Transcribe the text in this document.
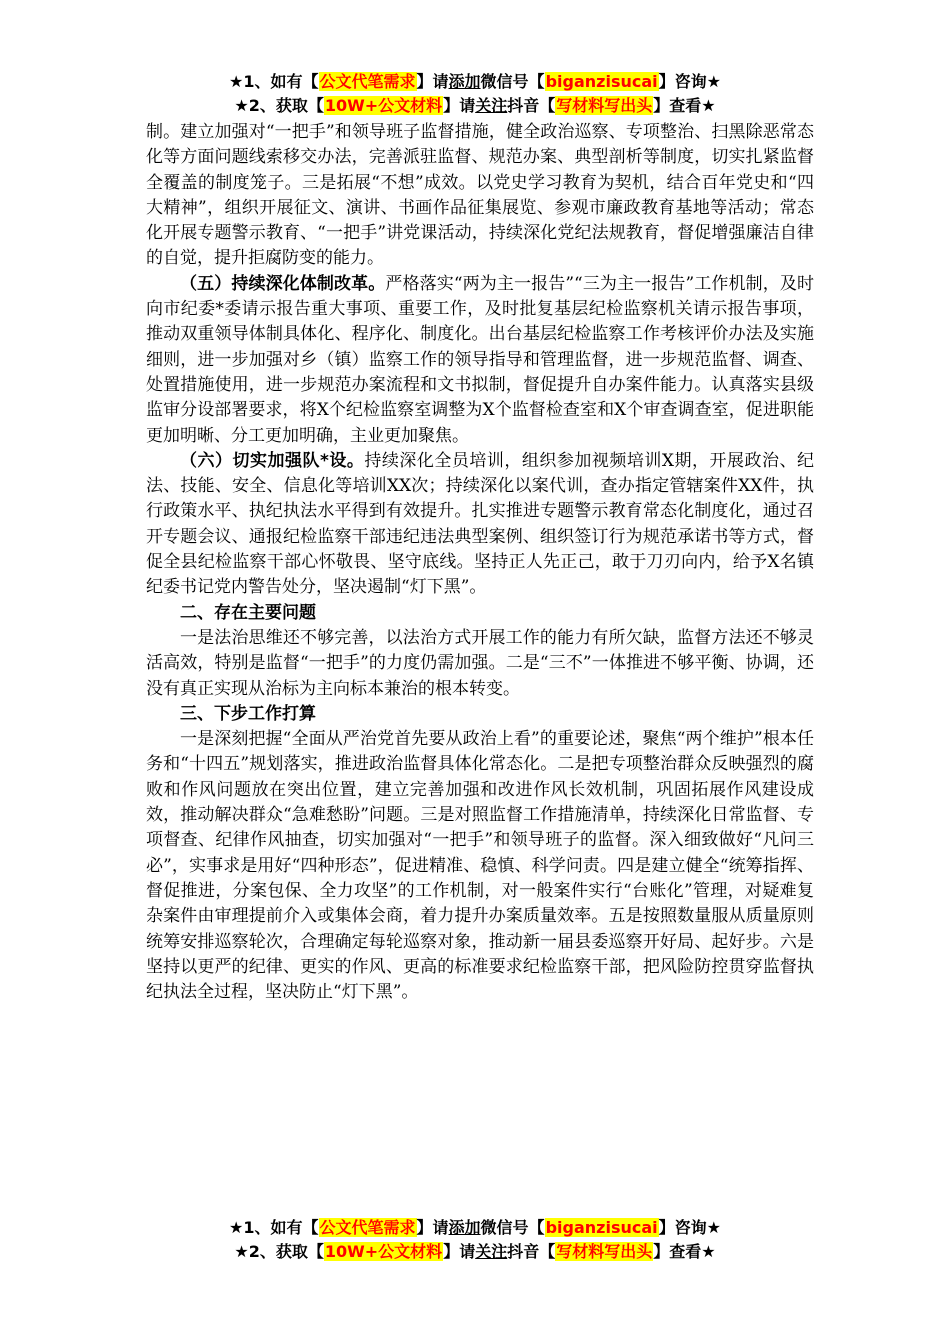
★1、如有【公文代笔需求】请添加微信号【biganzisucai】咨询★
★2、获取【10W+公文材料】请关注抖音【写材料写出头】查看★

制。建立加强对“一把手”和领导班子监督措施，健全政治巡察、专项整治、扫黑除恶常态化等方面问题线索移交办法，完善派驻监督、规范办案、典型剖析等制度，切实扎紧监督全覆盖的制度笼子。三是拓展“不想”成效。以党史学习教育为契机，结合百年党史和“四大精神”，组织开展征文、演讲、书画作品征集展览、参观市廉政教育基地等活动；常态化开展专题警示教育、“一把手”讲党课活动，持续深化党纪法规教育，督促增强廉洁自律的自觉，提升拒腐防变的能力。

（五）持续深化体制改革。严格落实“两为主一报告”“三为主一报告”工作机制，及时向市纪委*委请示报告重大事项、重要工作，及时批复基层纪检监察机关请示报告事项，推动双重领导体制具体化、程序化、制度化。出台基层纪检监察工作考核评价办法及实施细则，进一步加强对乡（镇）监察工作的领导指导和管理监督，进一步规范监督、调查、处置措施使用，进一步规范办案流程和文书拟制，督促提升自办案件能力。认真落实县级监审分设部署要求，将X个纪检监察室调整为X个监督检查室和X个审查调查室，促进职能更加明晰、分工更加明确，主业更加聚焦。

（六）切实加强队*设。持续深化全员培训，组织参加视频培训X期，开展政治、纪法、技能、安全、信息化等培训XX次；持续深化以案代训，查办指定管辖案件XX件，执行政策水平、执纪执法水平得到有效提升。扎实推进专题警示教育常态化制度化，通过召开专题会议、通报纪检监察干部违纪违法典型案例、组织签订行为规范承诺书等方式，督促全县纪检监察干部心怀敬畏、坚守底线。坚持正人先正己，敢于刀刃向内，给予X名镇纪委书记党内警告处分，坚决遏制“灯下黑”。

二、存在主要问题

一是法治思维还不够完善，以法治方式开展工作的能力有所欠缺，监督方法还不够灵活高效，特别是监督“一把手”的力度仍需加强。二是“三不”一体推进不够平衡、协调，还没有真正实现从治标为主向标本兼治的根本转变。

三、下步工作打算

一是深刻把握“全面从严治党首先要从政治上看”的重要论述，聚焦“两个维护”根本任务和“十四五”规划落实，推进政治监督具体化常态化。二是把专项整治群众反映强烈的腐败和作风问题放在突出位置，建立完善加强和改进作风长效机制，巩固拓展作风建设成效，推动解决群众“急难愁盼”问题。三是对照监督工作措施清单，持续深化日常监督、专项督查、纪律作风抽查，切实加强对“一把手”和领导班子的监督。深入细致做好“凡问三必”，实事求是用好“四种形态”，促进精准、稳慎、科学问责。四是建立健全“统筹指挥、督促推进，分案包保、全力攻坚”的工作机制，对一般案件实行“台账化”管理，对疑难复杂案件由审理提前介入或集体会商，着力提升办案质量效率。五是按照数量服从质量原则统筹安排巡察轮次，合理确定每轮巡察对象，推动新一届县委巡察开好局、起好步。六是坚持以更严的纪律、更实的作风、更高的标准要求纪检监察干部，把风险防控贯穿监督执纪执法全过程，坚决防止“灯下黑”。

★1、如有【公文代笔需求】请添加微信号【biganzisucai】咨询★
★2、获取【10W+公文材料】请关注抖音【写材料写出头】查看★
